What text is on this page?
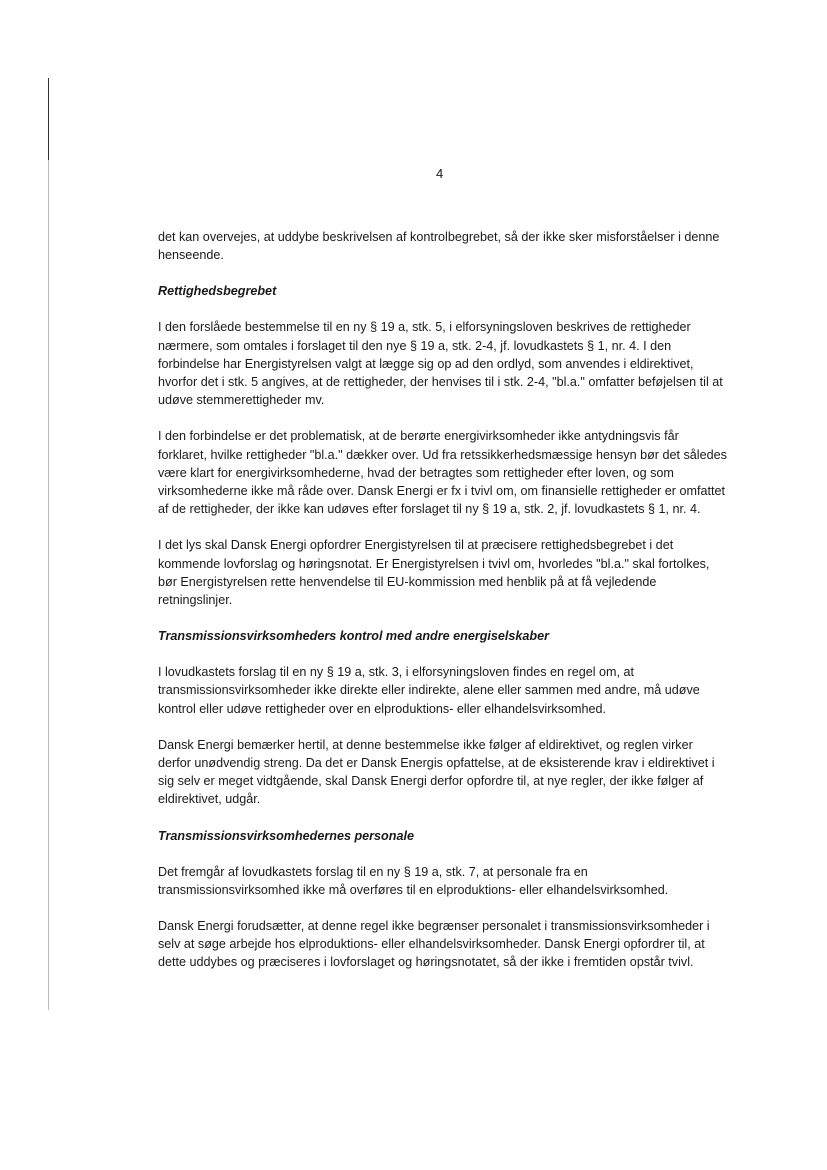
4

det kan overvejes, at uddybe beskrivelsen af kontrolbegrebet, så der ikke sker misforståelser i denne henseende.

Rettighedsbegrebet

I den forslåede bestemmelse til en ny § 19 a, stk. 5, i elforsyningsloven beskrives de rettigheder nærmere, som omtales i forslaget til den nye § 19 a, stk. 2-4, jf. lovudkastets § 1, nr. 4. I den forbindelse har Energistyrelsen valgt at lægge sig op ad den ordlyd, som anvendes i eldirektivet, hvorfor det i stk. 5 angives, at de rettigheder, der henvises til i stk. 2-4, "bl.a." omfatter beføjelsen til at udøve stemmerettigheder mv.

I den forbindelse er det problematisk, at de berørte energivirksomheder ikke antydningsvis får forklaret, hvilke rettigheder "bl.a." dækker over. Ud fra retssikkerhedsmæssige hensyn bør det således være klart for energivirksomhederne, hvad der betragtes som rettigheder efter loven, og som virksomhederne ikke må råde over. Dansk Energi er fx i tvivl om, om finansielle rettigheder er omfattet af de rettigheder, der ikke kan udøves efter forslaget til ny § 19 a, stk. 2, jf. lovudkastets § 1, nr. 4.

I det lys skal Dansk Energi opfordrer Energistyrelsen til at præcisere rettighedsbegrebet i det kommende lovforslag og høringsnotat. Er Energistyrelsen i tvivl om, hvorledes "bl.a." skal fortolkes, bør Energistyrelsen rette henvendelse til EU-kommission med henblik på at få vejledende retningslinjer.

Transmissionsvirksomheders kontrol med andre energiselskaber

I lovudkastets forslag til en ny § 19 a, stk. 3, i elforsyningsloven findes en regel om, at transmissionsvirksomheder ikke direkte eller indirekte, alene eller sammen med andre, må udøve kontrol eller udøve rettigheder over en elproduktions- eller elhandelsvirksomhed.

Dansk Energi bemærker hertil, at denne bestemmelse ikke følger af eldirektivet, og reglen virker derfor unødvendig streng. Da det er Dansk Energis opfattelse, at de eksisterende krav i eldirektivet i sig selv er meget vidtgående, skal Dansk Energi derfor opfordre til, at nye regler, der ikke følger af eldirektivet, udgår.

Transmissionsvirksomhedernes personale

Det fremgår af lovudkastets forslag til en ny § 19 a, stk. 7, at personale fra en transmissionsvirksomhed ikke må overføres til en elproduktions- eller elhandelsvirksomhed.

Dansk Energi forudsætter, at denne regel ikke begrænser personalet i transmissionsvirksomheder i selv at søge arbejde hos elproduktions- eller elhandelsvirksomheder. Dansk Energi opfordrer til, at dette uddybes og præciseres i lovforslaget og høringsnotatet, så der ikke i fremtiden opstår tvivl.
